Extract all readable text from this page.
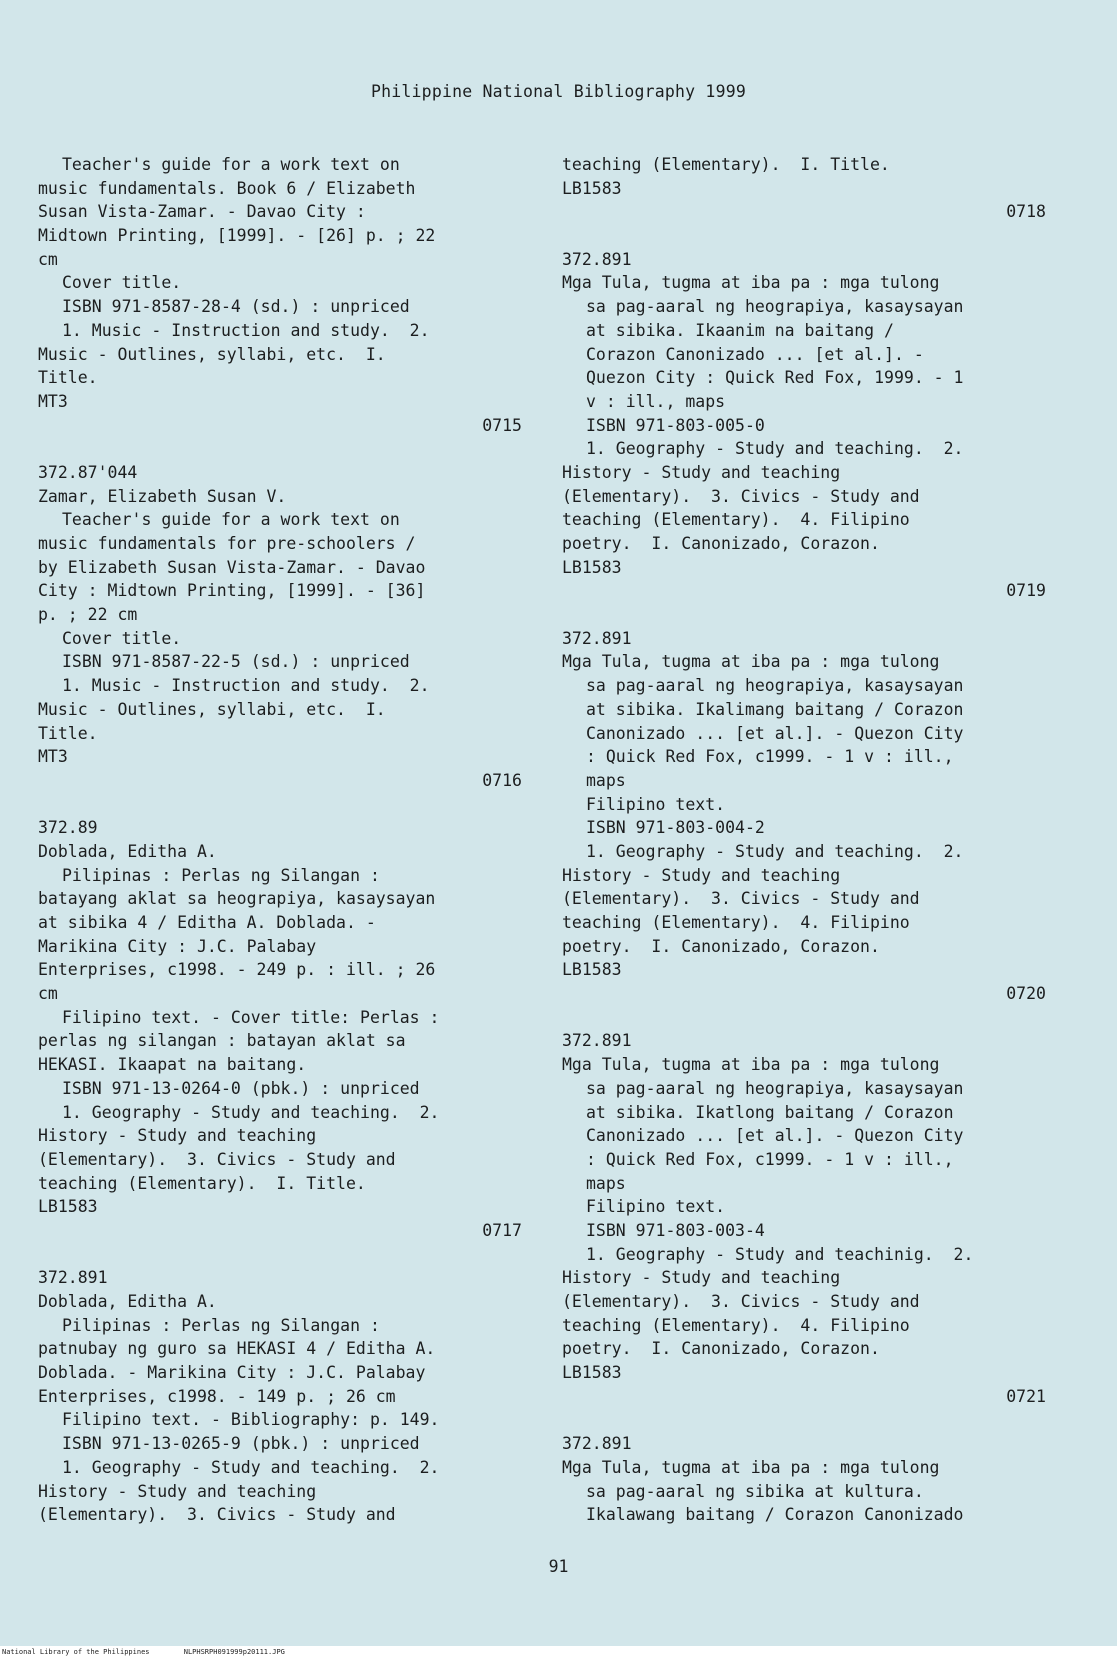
Philippine National Bibliography 1999
Teacher's guide for a work text on
music fundamentals. Book 6 / Elizabeth
Susan Vista-Zamar. - Davao City :
Midtown Printing, [1999]. - [26] p. ; 22
cm
Cover title.
ISBN 971-8587-28-4 (sd.) : unpriced
1. Music - Instruction and study.  2.
Music - Outlines, syllabi, etc.  I.
Title.
MT3
0715
372.87'044
Zamar, Elizabeth Susan V.
Teacher's guide for a work text on
music fundamentals for pre-schoolers /
by Elizabeth Susan Vista-Zamar. - Davao
City : Midtown Printing, [1999]. - [36]
p. ; 22 cm
Cover title.
ISBN 971-8587-22-5 (sd.) : unpriced
1. Music - Instruction and study.  2.
Music - Outlines, syllabi, etc.  I.
Title.
MT3
0716
372.89
Doblada, Editha A.
Pilipinas : Perlas ng Silangan :
batayang aklat sa heograpiya, kasaysayan
at sibika 4 / Editha A. Doblada. -
Marikina City : J.C. Palabay
Enterprises, c1998. - 249 p. : ill. ; 26
cm
Filipino text. - Cover title: Perlas :
perlas ng silangan : batayan aklat sa
HEKASI. Ikaapat na baitang.
ISBN 971-13-0264-0 (pbk.) : unpriced
1. Geography - Study and teaching.  2.
History - Study and teaching
(Elementary).  3. Civics - Study and
teaching (Elementary).  I. Title.
LB1583
0717
372.891
Doblada, Editha A.
Pilipinas : Perlas ng Silangan :
patnubay ng guro sa HEKASI 4 / Editha A.
Doblada. - Marikina City : J.C. Palabay
Enterprises, c1998. - 149 p. ; 26 cm
Filipino text. - Bibliography: p. 149.
ISBN 971-13-0265-9 (pbk.) : unpriced
1. Geography - Study and teaching.  2.
History - Study and teaching
(Elementary).  3. Civics - Study and
teaching (Elementary).  I. Title.
LB1583
0718
372.891
Mga Tula, tugma at iba pa : mga tulong
sa pag-aaral ng heograpiya, kasaysayan
at sibika. Ikaanim na baitang /
Corazon Canonizado ... [et al.]. -
Quezon City : Quick Red Fox, 1999. - 1
v : ill., maps
ISBN 971-803-005-0
1. Geography - Study and teaching.  2.
History - Study and teaching
(Elementary).  3. Civics - Study and
teaching (Elementary).  4. Filipino
poetry.  I. Canonizado, Corazon.
LB1583
0719
372.891
Mga Tula, tugma at iba pa : mga tulong
sa pag-aaral ng heograpiya, kasaysayan
at sibika. Ikalimang baitang / Corazon
Canonizado ... [et al.]. - Quezon City
: Quick Red Fox, c1999. - 1 v : ill.,
maps
Filipino text.
ISBN 971-803-004-2
1. Geography - Study and teaching.  2.
History - Study and teaching
(Elementary).  3. Civics - Study and
teaching (Elementary).  4. Filipino
poetry.  I. Canonizado, Corazon.
LB1583
0720
372.891
Mga Tula, tugma at iba pa : mga tulong
sa pag-aaral ng heograpiya, kasaysayan
at sibika. Ikatlong baitang / Corazon
Canonizado ... [et al.]. - Quezon City
: Quick Red Fox, c1999. - 1 v : ill.,
maps
Filipino text.
ISBN 971-803-003-4
1. Geography - Study and teachinig.  2.
History - Study and teaching
(Elementary).  3. Civics - Study and
teaching (Elementary).  4. Filipino
poetry.  I. Canonizado, Corazon.
LB1583
0721
372.891
Mga Tula, tugma at iba pa : mga tulong
sa pag-aaral ng sibika at kultura.
Ikalawang baitang / Corazon Canonizado
91
National Library of the Philippines	NLPHSRPH091999p20111.JPG
